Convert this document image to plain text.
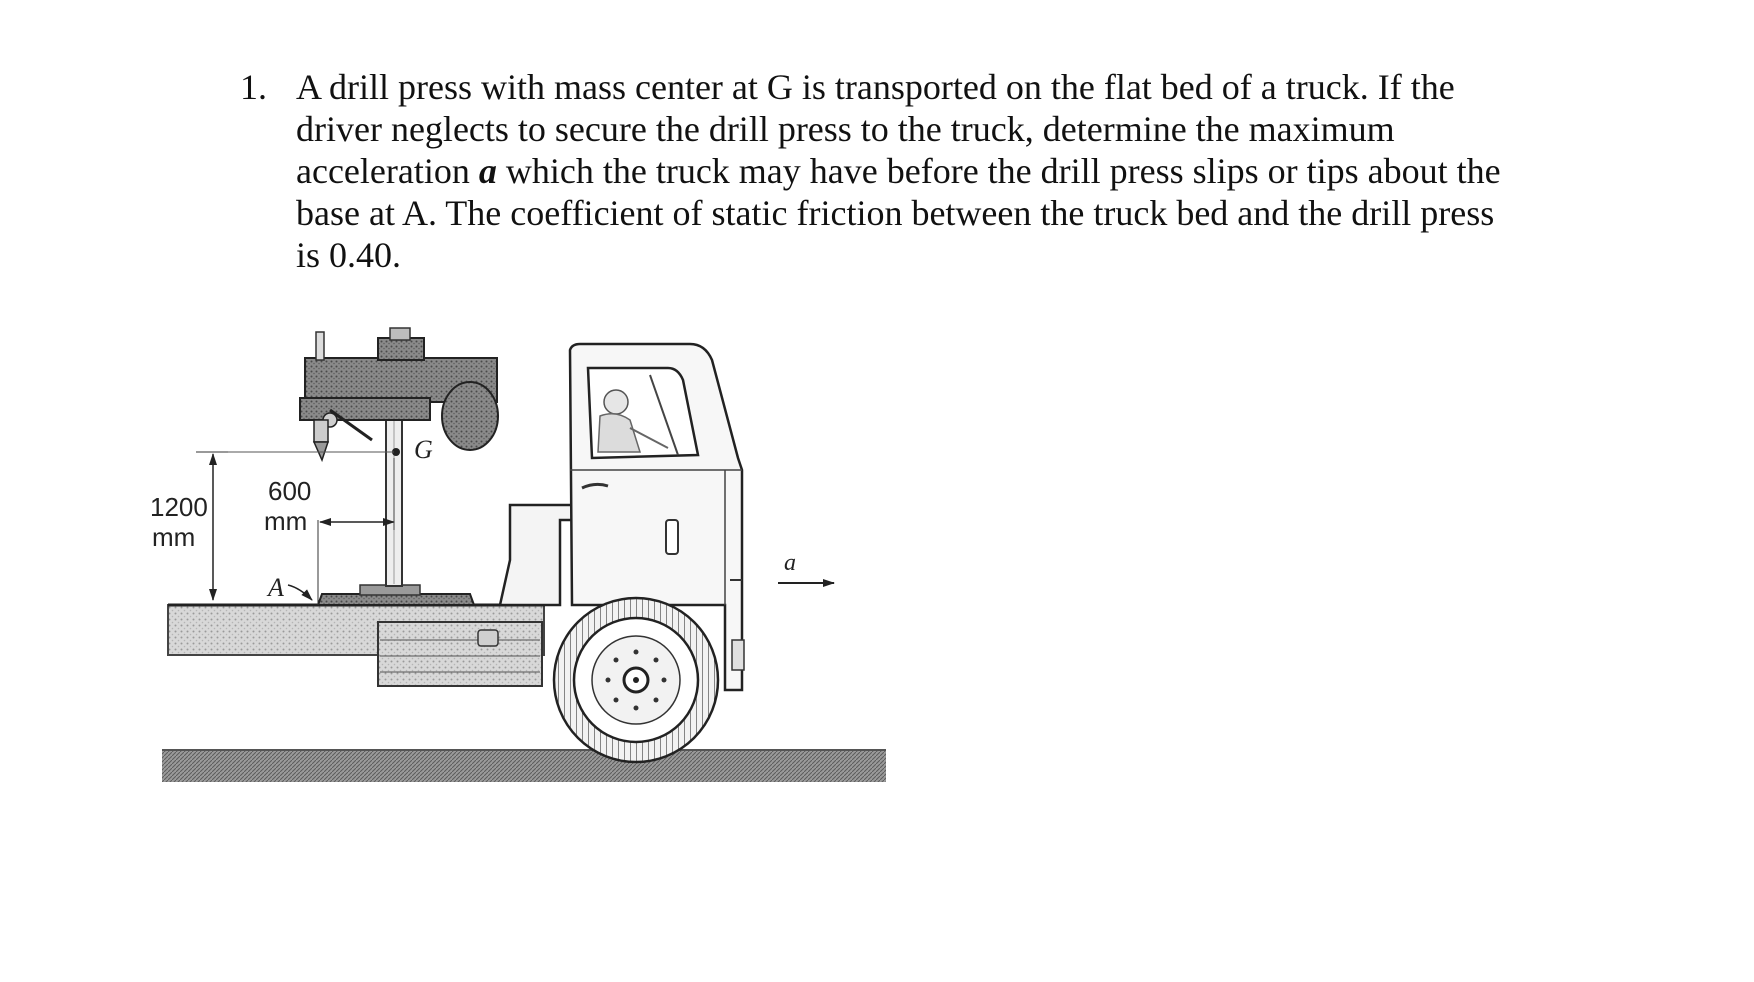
1. A drill press with mass center at G is transported on the flat bed of a truck. If the
driver neglects to secure the drill press to the truck, determine the maximum
acceleration a which the truck may have before the drill press slips or tips about the
base at A. The coefficient of static friction between the truck bed and the drill press
is 0.40.
G
A
a
1200
mm
600
mm
